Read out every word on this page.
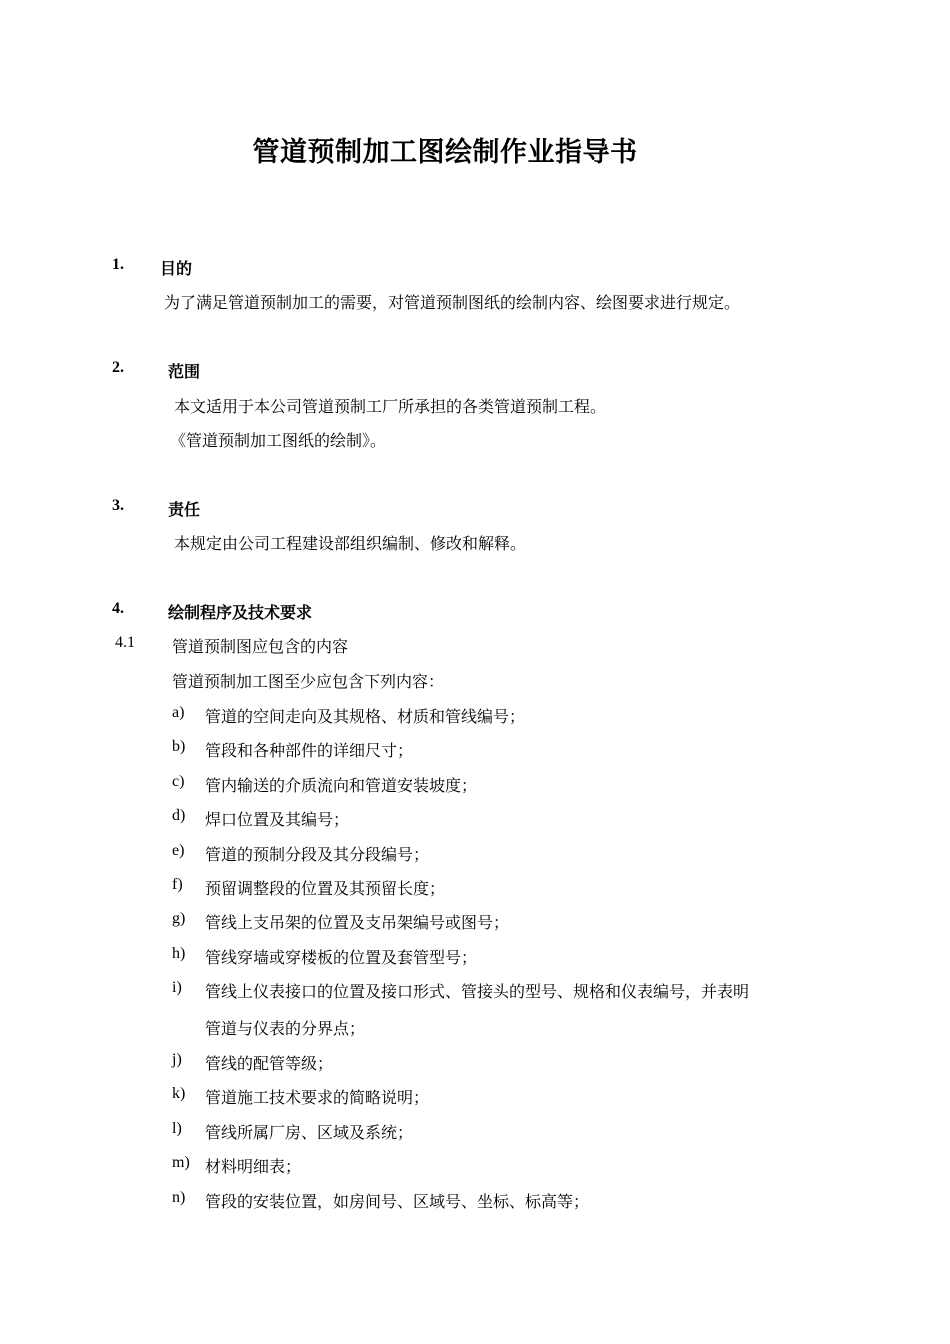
管道预制加工图绘制作业指导书
1. 目的
为了满足管道预制加工的需要，对管道预制图纸的绘制内容、绘图要求进行规定。
2.	范围
本文适用于本公司管道预制工厂所承担的各类管道预制工程。
《管道预制加工图纸的绘制》。
3.	责任
本规定由公司工程建设部组织编制、修改和解释。
4.	绘制程序及技术要求
4.1 管道预制图应包含的内容
管道预制加工图至少应包含下列内容：
a) 管道的空间走向及其规格、材质和管线编号；
b) 管段和各种部件的详细尺寸；
c) 管内输送的介质流向和管道安装坡度；
d) 焊口位置及其编号；
e) 管道的预制分段及其分段编号；
f) 预留调整段的位置及其预留长度；
g) 管线上支吊架的位置及支吊架编号或图号；
h) 管线穿墙或穿楼板的位置及套管型号；
i) 管线上仪表接口的位置及接口形式、管接头的型号、规格和仪表编号，并表明
管道与仪表的分界点；
j) 管线的配管等级；
k) 管道施工技术要求的简略说明；
l) 管线所属厂房、区域及系统；
m) 材料明细表；
n) 管段的安装位置，如房间号、区域号、坐标、标高等；
